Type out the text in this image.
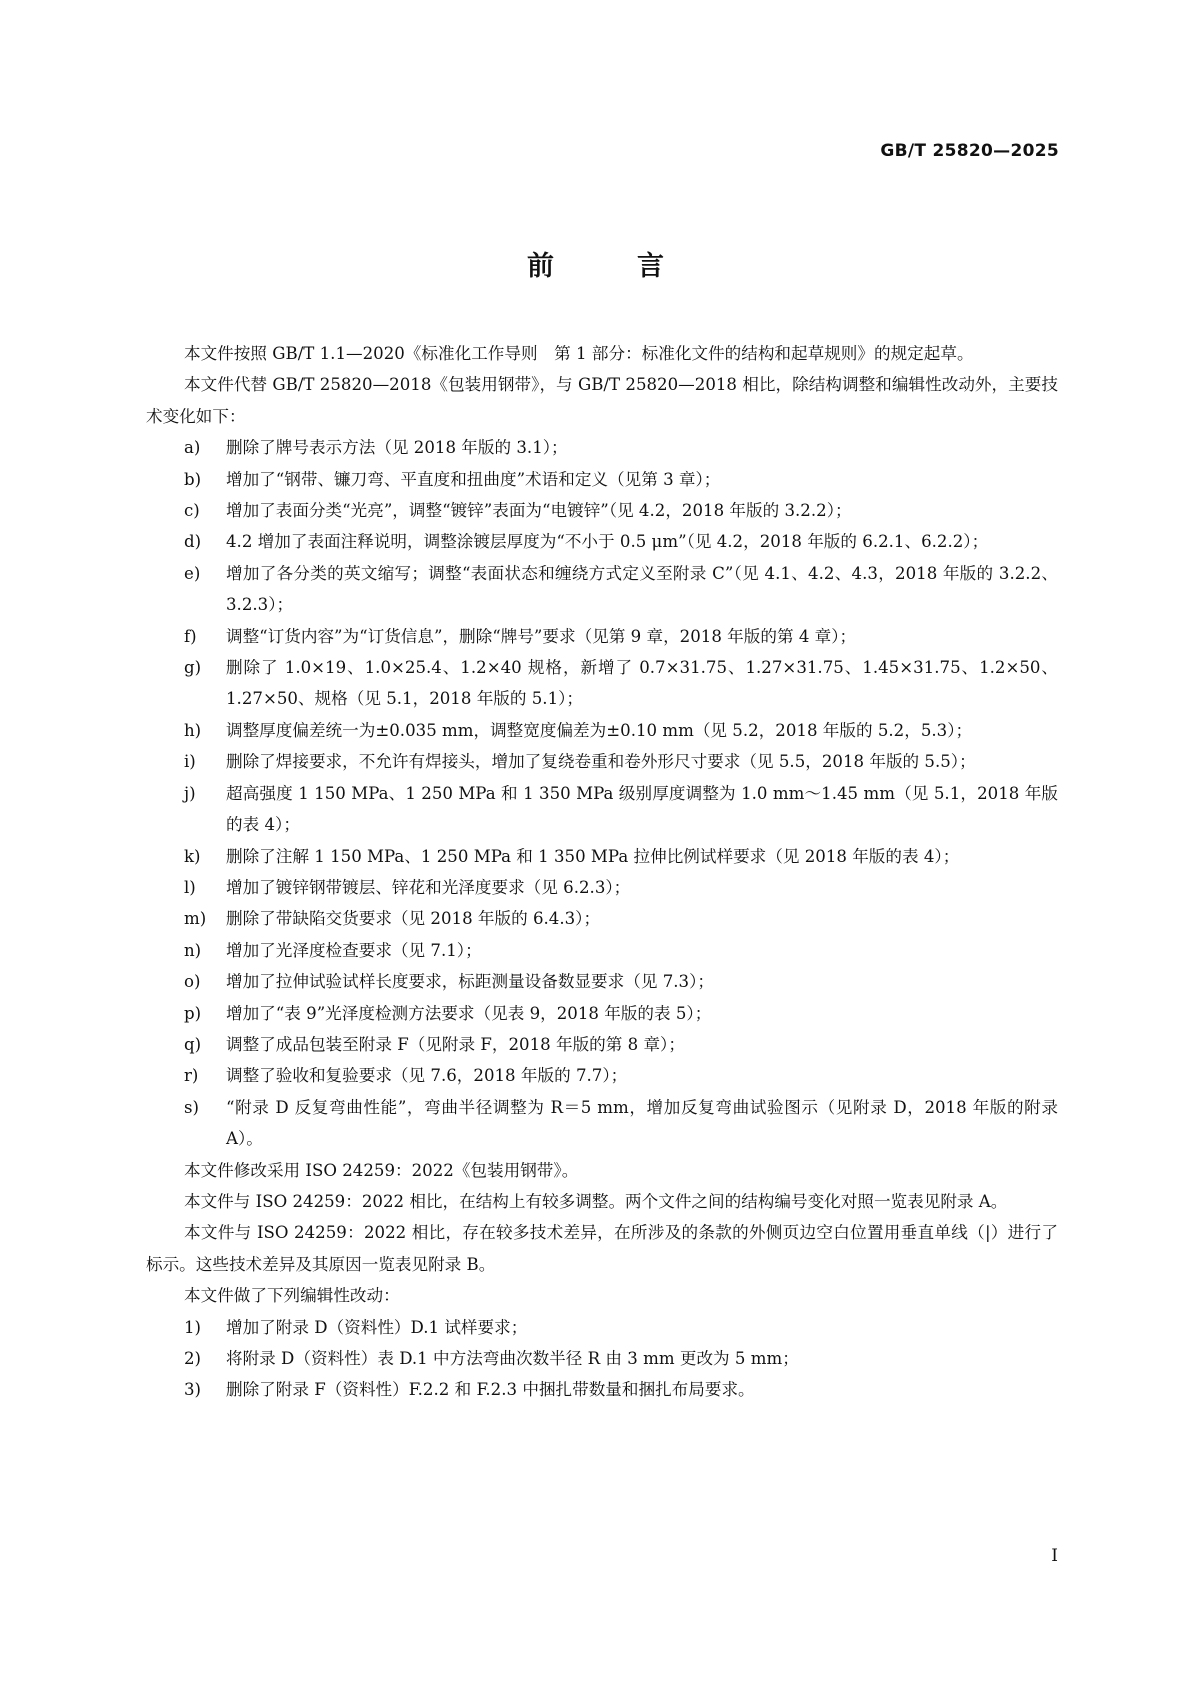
GB/T 25820—2025
前　言

本文件按照 GB/T 1.1—2020《标准化工作导则　第 1 部分：标准化文件的结构和起草规则》的规定起草。

本文件代替 GB/T 25820—2018《包装用钢带》，与 GB/T 25820—2018 相比，除结构调整和编辑性改动外，主要技术变化如下：

a)	删除了牌号表示方法（见 2018 年版的 3.1）；
b)	增加了“钢带、镰刀弯、平直度和扭曲度”术语和定义（见第 3 章）；
c)	增加了表面分类“光亮”，调整“镀锌”表面为“电镀锌”（见 4.2，2018 年版的 3.2.2）；
d)	4.2 增加了表面注释说明，调整涂镀层厚度为“不小于 0.5 μm”（见 4.2，2018 年版的 6.2.1、6.2.2）；
e)	增加了各分类的英文缩写；调整“表面状态和缠绕方式定义至附录 C”（见 4.1、4.2、4.3，2018 年版的 3.2.2、3.2.3）；
f)	调整“订货内容”为“订货信息”，删除“牌号”要求（见第 9 章，2018 年版的第 4 章）；
g)	删除了 1.0×19、1.0×25.4、1.2×40 规格，新增了 0.7×31.75、1.27×31.75、1.45×31.75、1.2×50、1.27×50、规格（见 5.1，2018 年版的 5.1）；
h)	调整厚度偏差统一为±0.035 mm，调整宽度偏差为±0.10 mm（见 5.2，2018 年版的 5.2，5.3）；
i)	删除了焊接要求，不允许有焊接头，增加了复绕卷重和卷外形尺寸要求（见 5.5，2018 年版的 5.5）；
j)	超高强度 1 150 MPa、1 250 MPa 和 1 350 MPa 级别厚度调整为 1.0 mm～1.45 mm（见 5.1，2018 年版的表 4）；
k)	删除了注解 1 150 MPa、1 250 MPa 和 1 350 MPa 拉伸比例试样要求（见 2018 年版的表 4）；
l)	增加了镀锌钢带镀层、锌花和光泽度要求（见 6.2.3）；
m)	删除了带缺陷交货要求（见 2018 年版的 6.4.3）；
n)	增加了光泽度检查要求（见 7.1）；
o)	增加了拉伸试验试样长度要求，标距测量设备数显要求（见 7.3）；
p)	增加了“表 9”光泽度检测方法要求（见表 9，2018 年版的表 5）；
q)	调整了成品包装至附录 F（见附录 F，2018 年版的第 8 章）；
r)	调整了验收和复验要求（见 7.6，2018 年版的 7.7）；
s)	“附录 D 反复弯曲性能”，弯曲半径调整为 R＝5 mm，增加反复弯曲试验图示（见附录 D，2018 年版的附录 A）。

本文件修改采用 ISO 24259：2022《包装用钢带》。

本文件与 ISO 24259：2022 相比，在结构上有较多调整。两个文件之间的结构编号变化对照一览表见附录 A。

本文件与 ISO 24259：2022 相比，存在较多技术差异，在所涉及的条款的外侧页边空白位置用垂直单线（|）进行了标示。这些技术差异及其原因一览表见附录 B。

本文件做了下列编辑性改动：

1)	增加了附录 D（资料性）D.1 试样要求；
2)	将附录 D（资料性）表 D.1 中方法弯曲次数半径 R 由 3 mm 更改为 5 mm；
3)	删除了附录 F（资料性）F.2.2 和 F.2.3 中捆扎带数量和捆扎布局要求。
I
